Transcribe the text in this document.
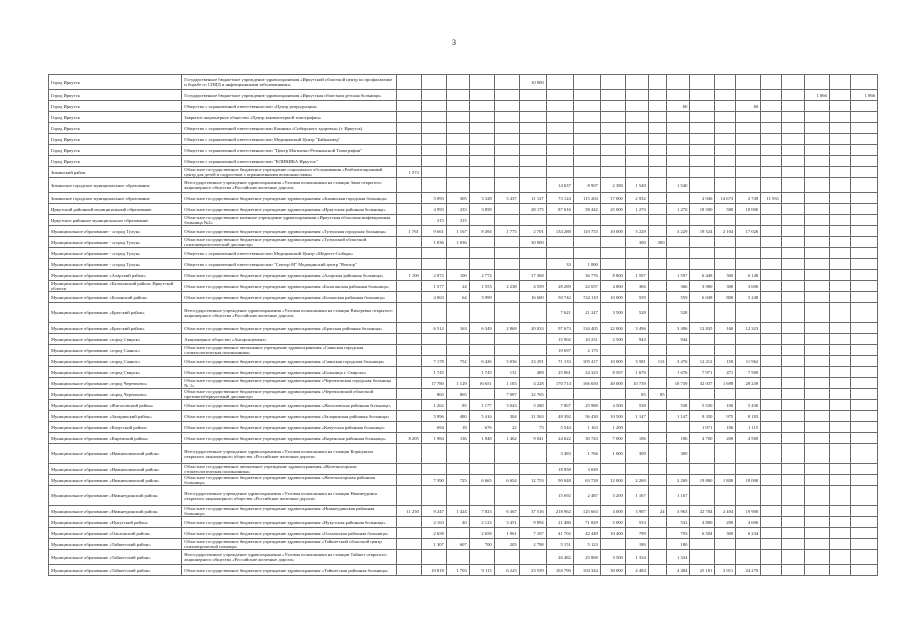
3
Город Иркутск	Государственное бюджетное учреждение здравоохранения «Иркутский областной центр по профилактике и борьбе со СПИД и инфекционными заболеваниями»						10 000														
Город Иркутск	Государственное бюджетное учреждение здравоохранения «Иркутская областная детская больница»																		1 866		1 866
Город Иркутск	Общество с ограниченной ответственностью «Центр репродукции»												60			60					
Город Иркутск	Закрытое акционерное общество «Центр компьютерной томографии»																				
Город Иркутск	Общество с ограниченной ответственностью Клиника «Сибирского здоровья» (г. Иркутск)																				
Город Иркутск	Общество с ограниченной ответственностью Медицинский Центр "Байкалмед"																				
Город Иркутск	Общество с ограниченной ответственностью "Центр Магнитно-Резонансной Томографии"																				
Город Иркутск	Общество с ограниченной ответственностью "КЛИНИКА Иркутск"																				
Зиминский район	Областное государственное бюджетное учреждение социального обслуживания «Реабилитационный центр для детей и подростков с ограниченными возможностями»	1 573																			
Зиминское городское муниципальное образование	Негосударственное учреждение здравоохранения «Узловая поликлиника на станции Зима открытого акционерного общества «Российские железные дороги»							14 637	8 907	2 380	1 540		1 540								
Зиминское городское муниципальное образование	Областное государственное бюджетное учреждение здравоохранения «Зиминская городская больница»		5 093	305	3 328	5 437	11 127	73 124	115 204	17 000	2 932			2 946	14 673	2 749	11 931				
Иркутский районный муниципальный образование	Областное государственное бюджетное учреждение здравоохранения «Иркутская районная больница»		4 993	233	3 858		28 175	87 616	58 442	25 000	1 270		1 270	18 500	580	10 000					
Иркутское районное муниципальное образование	Областное государственное казенное учреждение здравоохранения «Иркутская областная инфекционная больница №2»		315	315																	
Муниципальное образование - «город Тулун»	Областное государственное бюджетное учреждение здравоохранения «Тулунская городская больница»	1 761	9 661	1 167	8 494	1 775	2 701	134 288	110 753	10 000	3 229		3 229	19 524	2 104	17 026					
Муниципальное образование - «город Тулун»	Областное государственное бюджетное учреждение здравоохранения «Тулунский областной психоневрологический диспансер»		1 036	1 036			30 000				300	300									
Муниципальное образование - «город Тулун»	Общество с ограниченной ответственностью Медицинский Центр «Медвест-Сибирь»																				
Муниципальное образование - «город Тулун»	Общество с ограниченной ответственностью "Сектор-М" Медицинский центр "Вектор"							33	1 000												
Муниципальное образование «Аларский район»	Областное государственное бюджетное учреждение здравоохранения «Аларская районная больница»	1 100	2 872	100	2 772		17 368		36 776	8 800	1 597		1 597	6 448	300	6 148					
Муниципальное образование «Балаганский район» Иркутской области	Областное государственное бюджетное учреждение здравоохранения «Балаганская районная больница»		1 577	24	1 553	2 238	4 559	28 289	22 657	4 800	366		366	3 900	300	3 600					
Муниципальное образование «Боханский район»	Областное государственное бюджетное учреждение здравоохранения «Боханская районная больница»		4 063	64	3 999		16 600	50 742	742 110	10 000	559		559	6 048	800	5 248					
Муниципальное образование «Братский район»	Негосударственное учреждение здравоохранения «Узловая поликлиника на станции Вихоревка открытого акционерного общества «Российские железные дороги»							7 621	21 247	3 500	528		528								
Муниципальное образование «Братский район»	Областное государственное бюджетное учреждение здравоохранения «Братская районная больница»		6 512	163	6 349	2 869	20 033	97 673	134 405	22 000	3 496		3 496	12 835	160	12 323					
Муниципальное образование «город Свирск»	Акционерное общество «Ангарскцемент»							15 902	10 231	2 500	944		944								
Муниципальное образование «город Саянск»	Областное государственное автономное учреждение здравоохранения «Саянская городская стоматологическая поликлиника»							10 697	2 175												
Муниципальное образование «город Саянск»	Областное государственное бюджетное учреждение здравоохранения «Саянская городская больница»		7 178	752	6 426	5 036	23 291	71 133	105 417	10 000	3 581	113	3 476	12 212	150	11 962					
Муниципальное образование «город Свирск»	Областное государственное бюджетное учреждение здравоохранения «Больница г. Свирска»		1 745		1 745	131	480	25 861	24 323	8 507	1 676		1 676	7 971	471	7 500					
Муниципальное образование «город Черемхово»	Областное государственное бюджетное учреждение здравоохранения «Черемховская городская больница № 1»		17 780	1 129	16 651	1 183	4 228	170 714	166 650	40 000	10 739		10 739	32 037	1 698	28 239					
Муниципальное образование «город Черемхово»	Областное государственное бюджетное учреждение здравоохранения «Черемховский областной противотуберкулезный диспансер»		865	865		7 087	22 765				85	85									
Муниципальное образование «Жигаловский район»	Областное государственное бюджетное учреждение здравоохранения «Жигаловская районная больница»		1 262	85	1 177	3 043	5 280	7 867	25 988	4 500	538		538	5 530	100	5 430					
Муниципальное образование «Заларинский район»	Областное государственное бюджетное учреждение здравоохранения «Заларинская районная больница»		5 896	480	5 416	304	21 563	48 392	56 430	10 500	1 147		1 147	9 350	975	8 183					
Муниципальное образование «Качугский район»	Областное государственное бюджетное учреждение здравоохранения «Качугская районная больница»		694	18	676	22	75	5 544	1 163	1 200				1 071	106	1 115					
Муниципальное образование «Киренский район»	Областное государственное бюджетное учреждение здравоохранения «Киренская районная больница»	8 205	1 984	136	1 848	1 462	9 041	24 622	30 743	7 000	186		186	4 700	200	4 500					
Муниципальное образование «Нижнеилимский район»	Негосударственное учреждение здравоохранения «Узловая поликлиника на станции Коршуниха открытого акционерного общества «Российские железные дороги»							3 483	1 766	1 000	309		309								
Муниципальное образование «Нижнеилимский район»	Областное государственное автономное учреждение здравоохранения «Железногорская стоматологическая поликлиника»							18 858	3 049												
Муниципальное образование «Нижнеилимский район»	Областное государственное бюджетное учреждение здравоохранения «Железногорская районная больница»		7 390	725	6 665	6 654	12 753	90 048	63 728	12 000	2 269		2 269	19 800	1 800	18 000					
Муниципальное образование «Нижнеудинский район»	Негосударственное учреждение здравоохранения «Узловая поликлиника на станции Нижнеудинск открытого акционерного общества «Российские железные дороги»							15 692	2 487	3 200	1 167		1 167								
Муниципальное образование «Нижнеудинский район»	Областное государственное бюджетное учреждение здравоохранения «Нижнеудинская районная больница»	11 250	9 247	1 424	7 823	6 367	37 516	218 962	125 663	4 000	3 987	24	3 963	22 704	2 404	19 900					
Муниципальное образование «Нукутский район»	Областное государственное бюджетное учреждение здравоохранения «Нукутская районная больница»		2 163	40	2 123	3 451	9 894	21 480	71 829	5 000	533		532	4 800	200	4 600					
Муниципальное образование «Ольхонский район»	Областное государственное бюджетное учреждение здравоохранения «Ольхонская районная больница»		2 658		2 658	1 961	7 167	41 702	42 449	10 400	799		793	6 504	300	6 234					
Муниципальное образование «Тайшетский район»	Областное государственное бюджетное учреждение здравоохранения «Тайшетский областной центр психиатрической помощи»		1 307	607	700	205	2 798	5 151	5 123		180		180								
Муниципальное образование «Тайшетский район»	Негосударственное учреждение здравоохранения «Узловая поликлиника на станции Тайшет открытого акционерного общества «Российские железные дороги»							26 482	25 868	3 500	1 334		1 334								
Муниципальное образование «Тайшетский район»	Областное государственное бюджетное учреждение здравоохранения «Тайшетская районная больница»		10 818	1 703	9 115	6 225	23 539	104 790	104 344	30 000	4 484		4 484	25 181	3 011	24 270					
